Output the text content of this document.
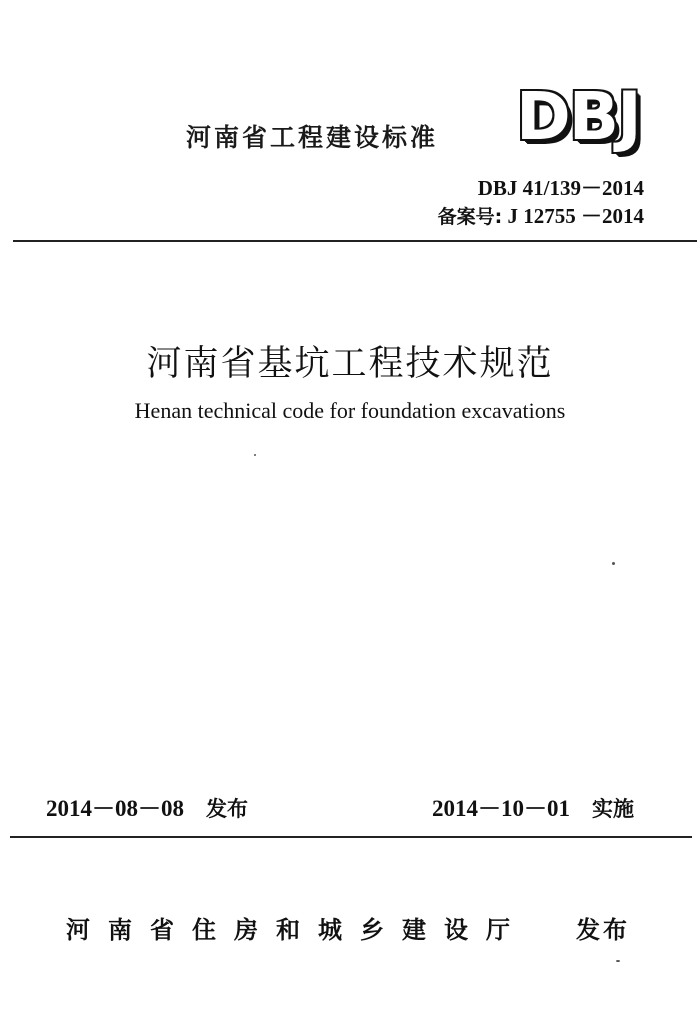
河南省工程建设标准 DBJ
DBJ 41/139－2014
备案号: J 12755 －2014
河南省基坑工程技术规范
Henan technical code for foundation excavations
2014－08－08 发布	2014－10－01 实施
河南省住房和城乡建设厅 发布
